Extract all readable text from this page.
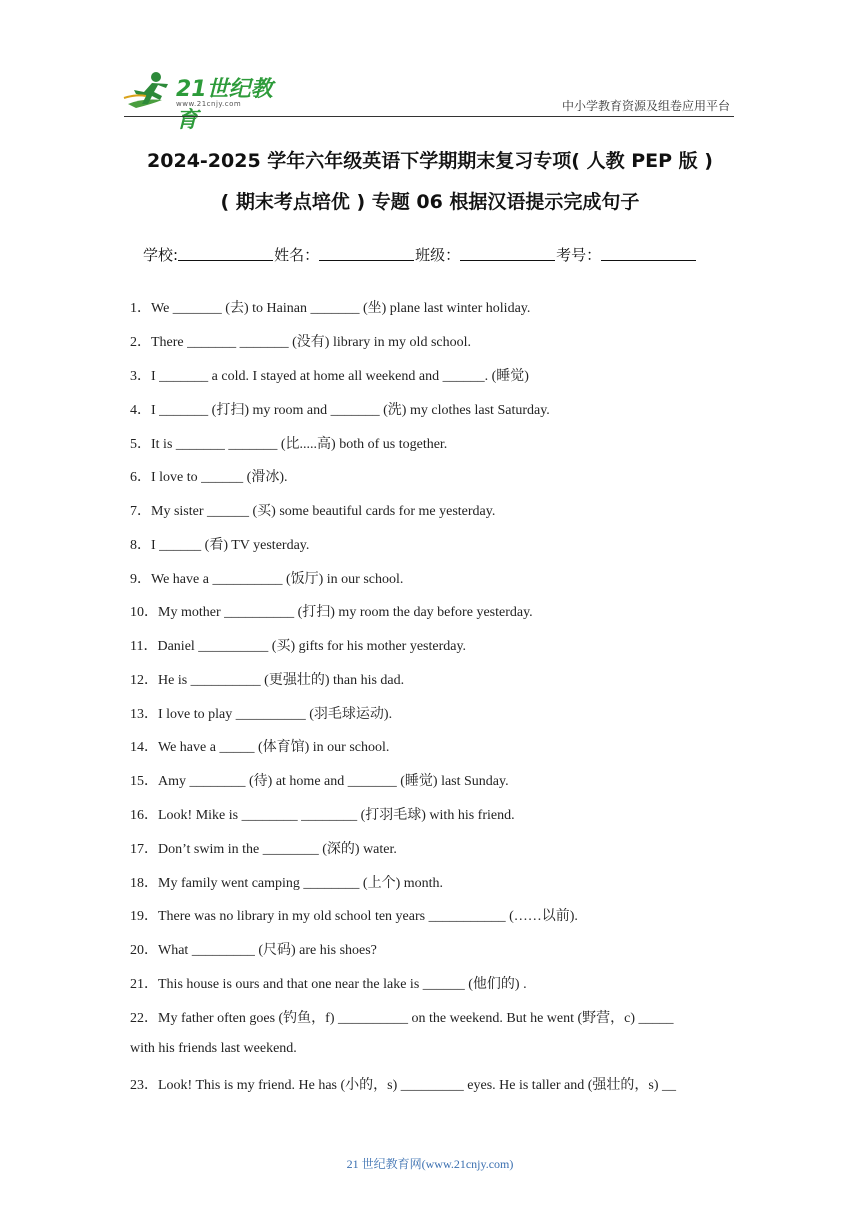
21世纪教育
www.21cnjy.com	中小学教育资源及组卷应用平台
2024-2025 学年六年级英语下学期期末复习专项( 人教 PEP 版 )
( 期末考点培优 ) 专题 06 根据汉语提示完成句子
学校:	姓名：	班级：	考号：
1．We _______ (去) to Hainan _______ (坐) plane last winter holiday.
2．There _______ _______ (没有) library in my old school.
3．I _______ a cold. I stayed at home all weekend and ______. (睡觉)
4．I _______ (打扫) my room and _______ (洗) my clothes last Saturday.
5．It is _______ _______ (比.....高) both of us together.
6．I love to ______ (滑冰).
7．My sister ______ (买) some beautiful cards for me yesterday.
8．I ______ (看) TV yesterday.
9．We have a __________ (饭厅) in our school.
10．My mother __________ (打扫) my room the day before yesterday.
11．Daniel __________ (买) gifts for his mother yesterday.
12．He is __________ (更强壮的) than his dad.
13．I love to play __________ (羽毛球运动).
14．We have a _____ (体育馆) in our school.
15．Amy ________ (待) at home and _______ (睡觉) last Sunday.
16．Look! Mike is ________ ________ (打羽毛球) with his friend.
17．Don’t swim in the ________ (深的) water.
18．My family went camping ________ (上个) month.
19．There was no library in my old school ten years ___________ (……以前).
20．What _________ (尺码) are his shoes?
21．This house is ours and that one near the lake is ______ (他们的) .
22．My father often goes (钓鱼，f) __________ on the weekend. But he went (野营，c) _____
with his friends last weekend.
23．Look! This is my friend. He has (小的，s) _________ eyes. He is taller and (强壮的，s) __
21 世纪教育网(www.21cnjy.com)
